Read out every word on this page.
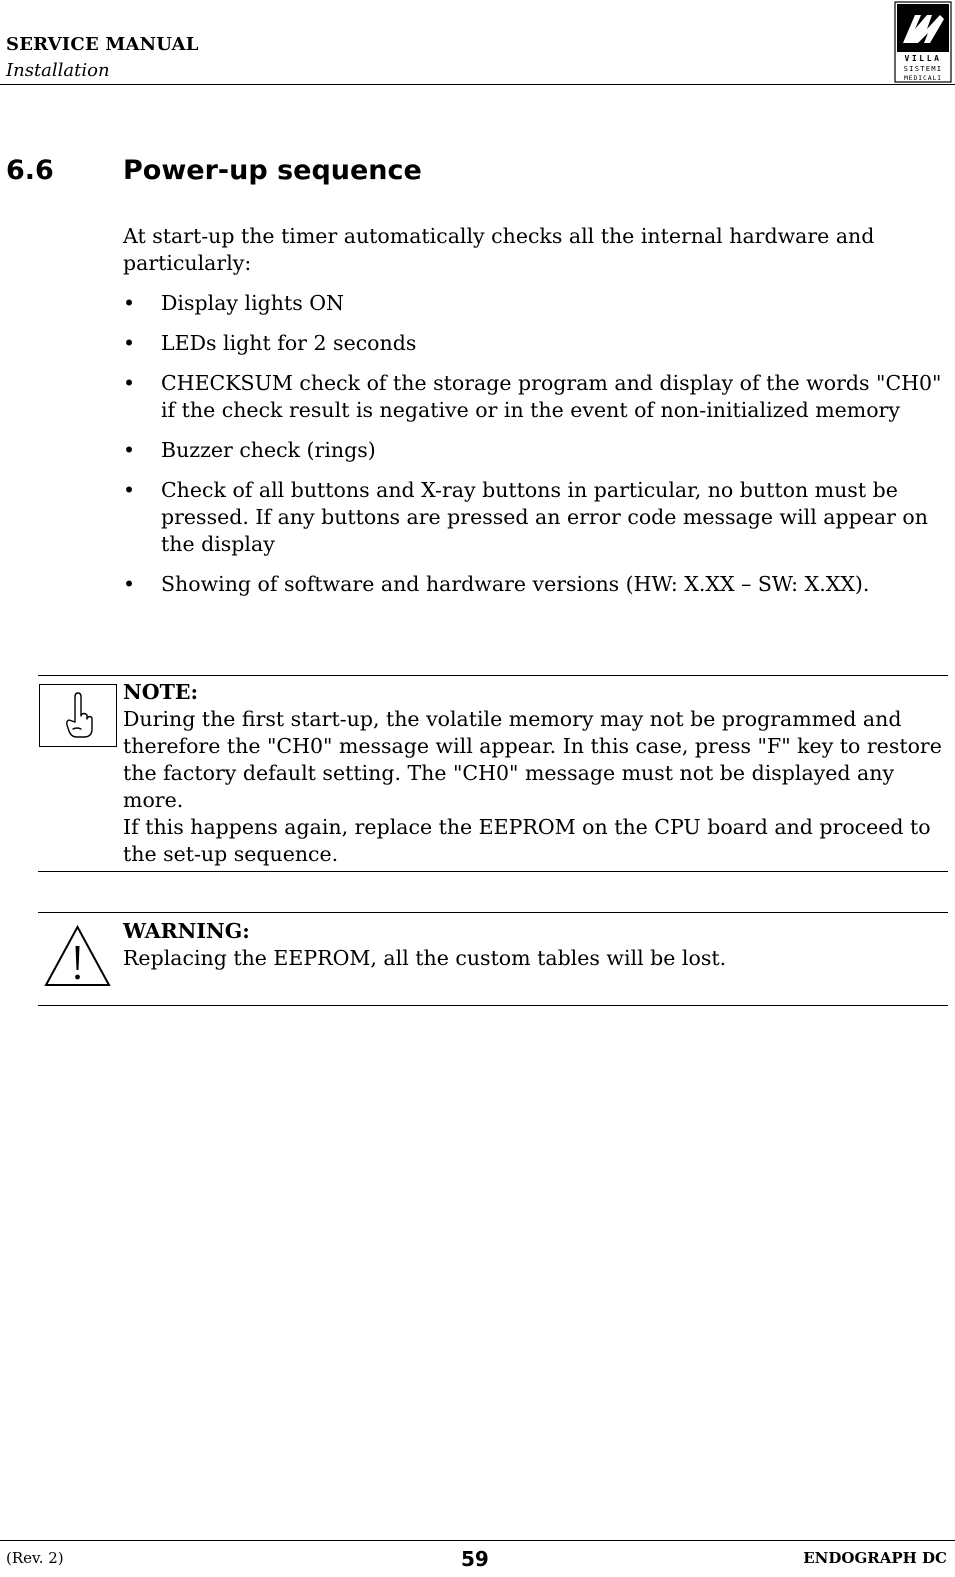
SERVICE MANUAL
Installation
VILLA
SISTEMI
MEDICALI
6.6	Power-up sequence
At start-up the timer automatically checks all the internal hardware and particularly:
•	Display lights ON
•	LEDs light for 2 seconds
•	CHECKSUM check of the storage program and display of the words "CH0" if the check result is negative or in the event of non-initialized memory
•	Buzzer check (rings)
•	Check of all buttons and X-ray buttons in particular, no button must be pressed. If any buttons are pressed an error code message will appear on the display
•	Showing of software and hardware versions (HW: X.XX – SW: X.XX).
NOTE:
During the first start-up, the volatile memory may not be programmed and therefore the "CH0" message will appear. In this case, press "F" key to restore the factory default setting. The "CH0" message must not be displayed any more.
If this happens again, replace the EEPROM on the CPU board and proceed to the set-up sequence.
WARNING:
Replacing the EEPROM, all the custom tables will be lost.
(Rev. 2)	59	ENDOGRAPH DC
